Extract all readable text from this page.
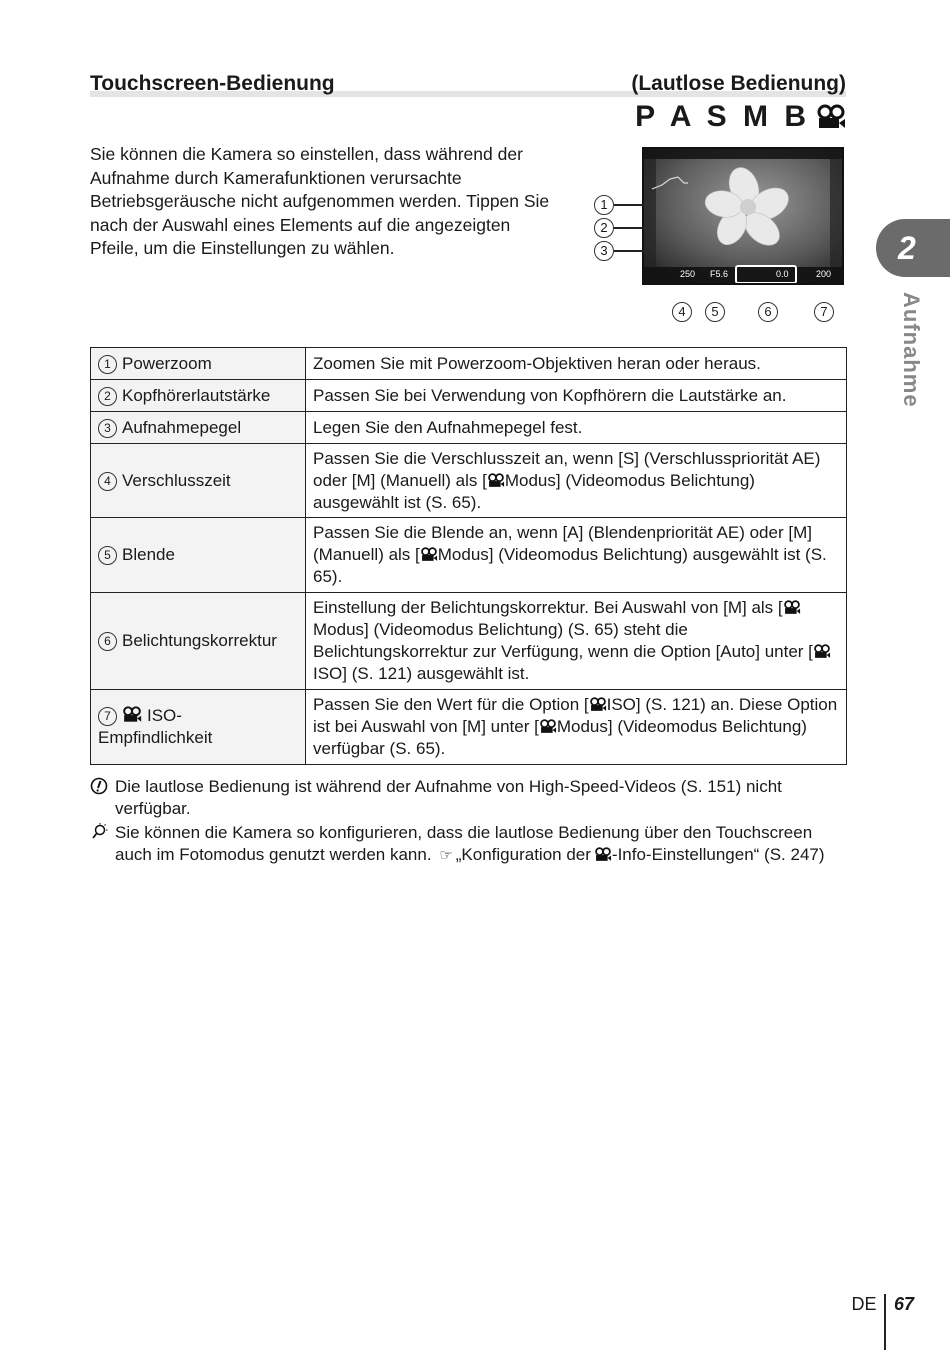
Touchscreen-Bedienung	(Lautlose Bedienung)
P A S M B
Sie können die Kamera so einstellen, dass während der Aufnahme durch Kamerafunktionen verursachte Betriebsgeräusche nicht aufgenommen werden. Tippen Sie nach der Auswahl eines Elements auf die angezeigten Pfeile, um die Einstellungen zu wählen.
250 F5.6	0.0	200
1
2
3
4	5	6	7
1 Powerzoom	Zoomen Sie mit Powerzoom-Objektiven heran oder heraus.
2 Kopfhörerlautstärke	Passen Sie bei Verwendung von Kopfhörern die Lautstärke an.
3 Aufnahmepegel	Legen Sie den Aufnahmepegel fest.
4 Verschlusszeit	Passen Sie die Verschlusszeit an, wenn [S] (Verschlusspriorität AE) oder [M] (Manuell) als [ Modus] (Videomodus Belichtung) ausgewählt ist (S. 65).
5 Blende	Passen Sie die Blende an, wenn [A] (Blendenpriorität AE) oder [M] (Manuell) als [ Modus] (Videomodus Belichtung) ausgewählt ist (S. 65).
6 Belichtungskorrektur	Einstellung der Belichtungskorrektur. Bei Auswahl von [M] als [Modus] (Videomodus Belichtung) (S. 65) steht die Belichtungskorrektur zur Verfügung, wenn die Option [Auto] unter [ISO] (S. 121) ausgewählt ist.
7 ISO-
Empfindlichkeit	Passen Sie den Wert für die Option [ ISO] (S. 121) an. Diese Option ist bei Auswahl von [M] unter [ Modus] (Videomodus Belichtung) verfügbar (S. 65).
Die lautlose Bedienung ist während der Aufnahme von High-Speed-Videos (S. 151) nicht verfügbar.
Sie können die Kamera so konfigurieren, dass die lautlose Bedienung über den Touchscreen auch im Fotomodus genutzt werden kann. ☞ „Konfiguration der -Info-Einstellungen“ (S. 247)
2
Aufnahme
DE 67
